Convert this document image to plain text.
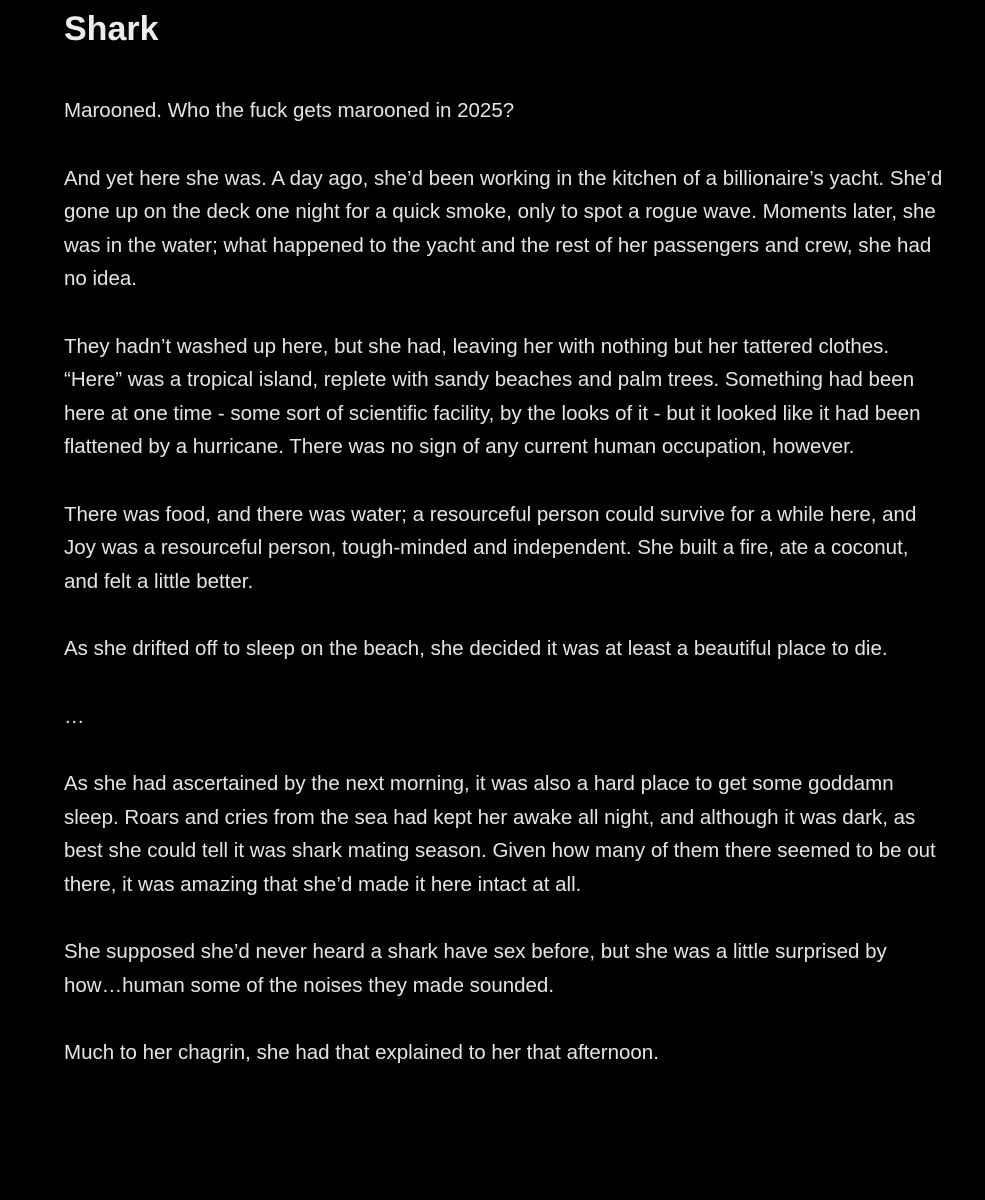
Shark

Marooned. Who the fuck gets marooned in 2025?

And yet here she was. A day ago, she’d been working in the kitchen of a billionaire’s yacht. She’d gone up on the deck one night for a quick smoke, only to spot a rogue wave. Moments later, she was in the water; what happened to the yacht and the rest of her passengers and crew, she had no idea.

They hadn’t washed up here, but she had, leaving her with nothing but her tattered clothes. “Here” was a tropical island, replete with sandy beaches and palm trees. Something had been here at one time - some sort of scientific facility, by the looks of it - but it looked like it had been flattened by a hurricane. There was no sign of any current human occupation, however.

There was food, and there was water; a resourceful person could survive for a while here, and Joy was a resourceful person, tough-minded and independent. She built a fire, ate a coconut, and felt a little better.

As she drifted off to sleep on the beach, she decided it was at least a beautiful place to die.

…

As she had ascertained by the next morning, it was also a hard place to get some goddamn sleep. Roars and cries from the sea had kept her awake all night, and although it was dark, as best she could tell it was shark mating season. Given how many of them there seemed to be out there, it was amazing that she’d made it here intact at all.

She supposed she’d never heard a shark have sex before, but she was a little surprised by how…human some of the noises they made sounded.

Much to her chagrin, she had that explained to her that afternoon.
